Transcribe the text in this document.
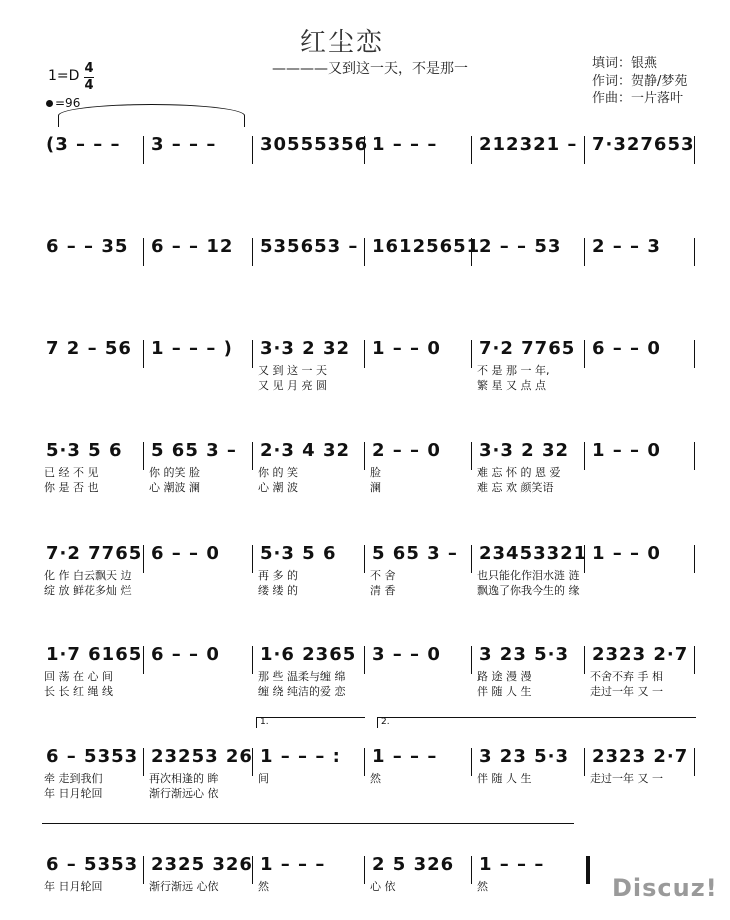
红尘恋
————又到这一天，不是那一	填词：银燕
作词：贺静/梦苑
作曲：一片落叶
1=D 4
4
=96
(3 – – – 3 – – – 30555356 1 – – – 212321 – 7·327653
6 – – 35 6 – – 12 535653 – 16125651
2 – – 53 2 – – 3
7 2 – 56 1 – – – ) 3·3 2 32
又 到 这 一 天
又 见 月 亮 圆
1 – – 0 7·2 7765
不 是 那 一 年,
繁 星 又 点 点
6 – – 0
5·3 5 6
已 经 不 见
你 是 否 也
5 65 3 –
你 的笑 脸
心 潮波 澜
2·3 4 32
你 的 笑
心 潮 波
2 – – 0
脸
澜
3·3 2 32
难 忘 怀 的 恩 爱
难 忘 欢 颜笑语
1 – – 0
7·2 7765
化 作 白云飘天 边
绽 放 鲜花多灿 烂
6 – – 0 5·3 5 6
再 多 的
缕 缕 的
5 65 3 –
不 舍
清 香
23453321
也只能化作泪水涟 涟
飘逸了你我今生的 缘
1 – – 0
1·7 6165
回 荡 在 心 间
长 长 红 绳 线
6 – – 0 1·6 2365
那 些 温柔与缠 绵
缠 绕 纯洁的爱 恋
3 – – 0 3 23 5·3
路 途 漫 漫
伴 随 人 生
2323 2·7
不舍不弃 手 相
走过一年 又 一
6 – 5353
牵 走到我们
年 日月轮回
23253 26
再次相逢的 眸
渐行渐远心 依
1 – – – :
间
1 – – –
然
3 23 5·3
伴 随 人 生
2323 2·7
走过一年 又 一
6 – 5353
年 日月轮回
2325 326
渐行渐远 心依
1 – – –
然
2 5 326
心 依
1 – – –
然
1.	2.
Discuz!
